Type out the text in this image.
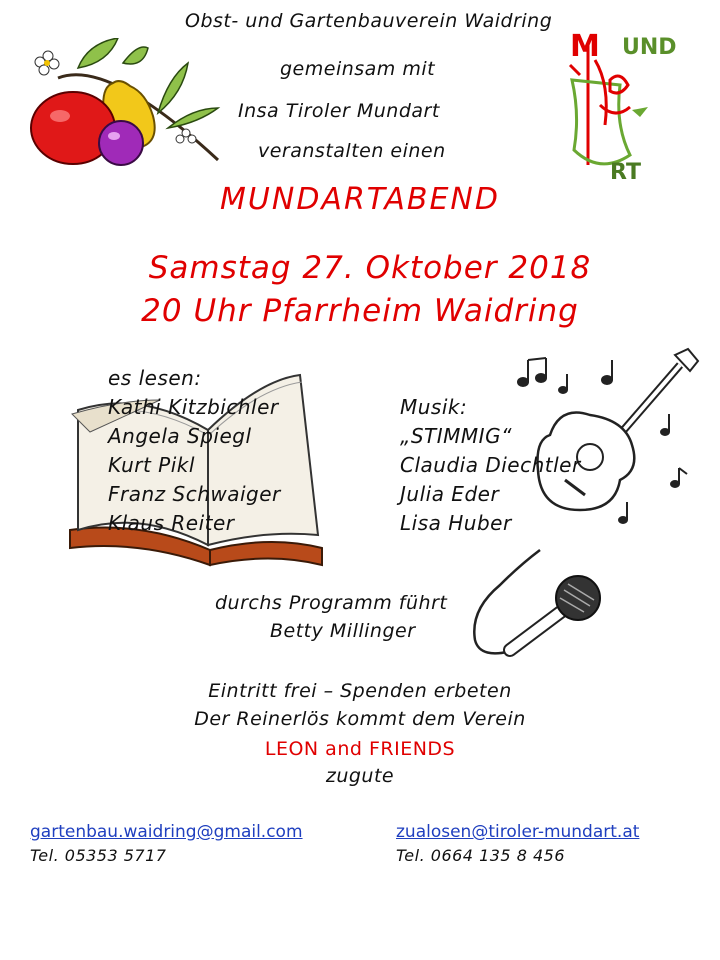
M UND
RT
Obst- und Gartenbauverein Waidring
gemeinsam mit
Insa Tiroler Mundart
veranstalten einen
MUNDARTABEND
Samstag 27. Oktober 2018
20 Uhr Pfarrheim Waidring
es lesen:
Kathi Kitzbichler
Angela Spiegl
Kurt Pikl
Franz Schwaiger
Klaus Reiter
Musik:
„STIMMIG“
Claudia Diechtler
Julia Eder
Lisa Huber
durchs Programm führt
Betty Millinger
Eintritt frei – Spenden erbeten
Der Reinerlös kommt dem Verein
LEON and FRIENDS
zugute
gartenbau.waidring@gmail.com
Tel. 05353 5717
zualosen@tiroler-mundart.at
Tel. 0664 135 8 456
